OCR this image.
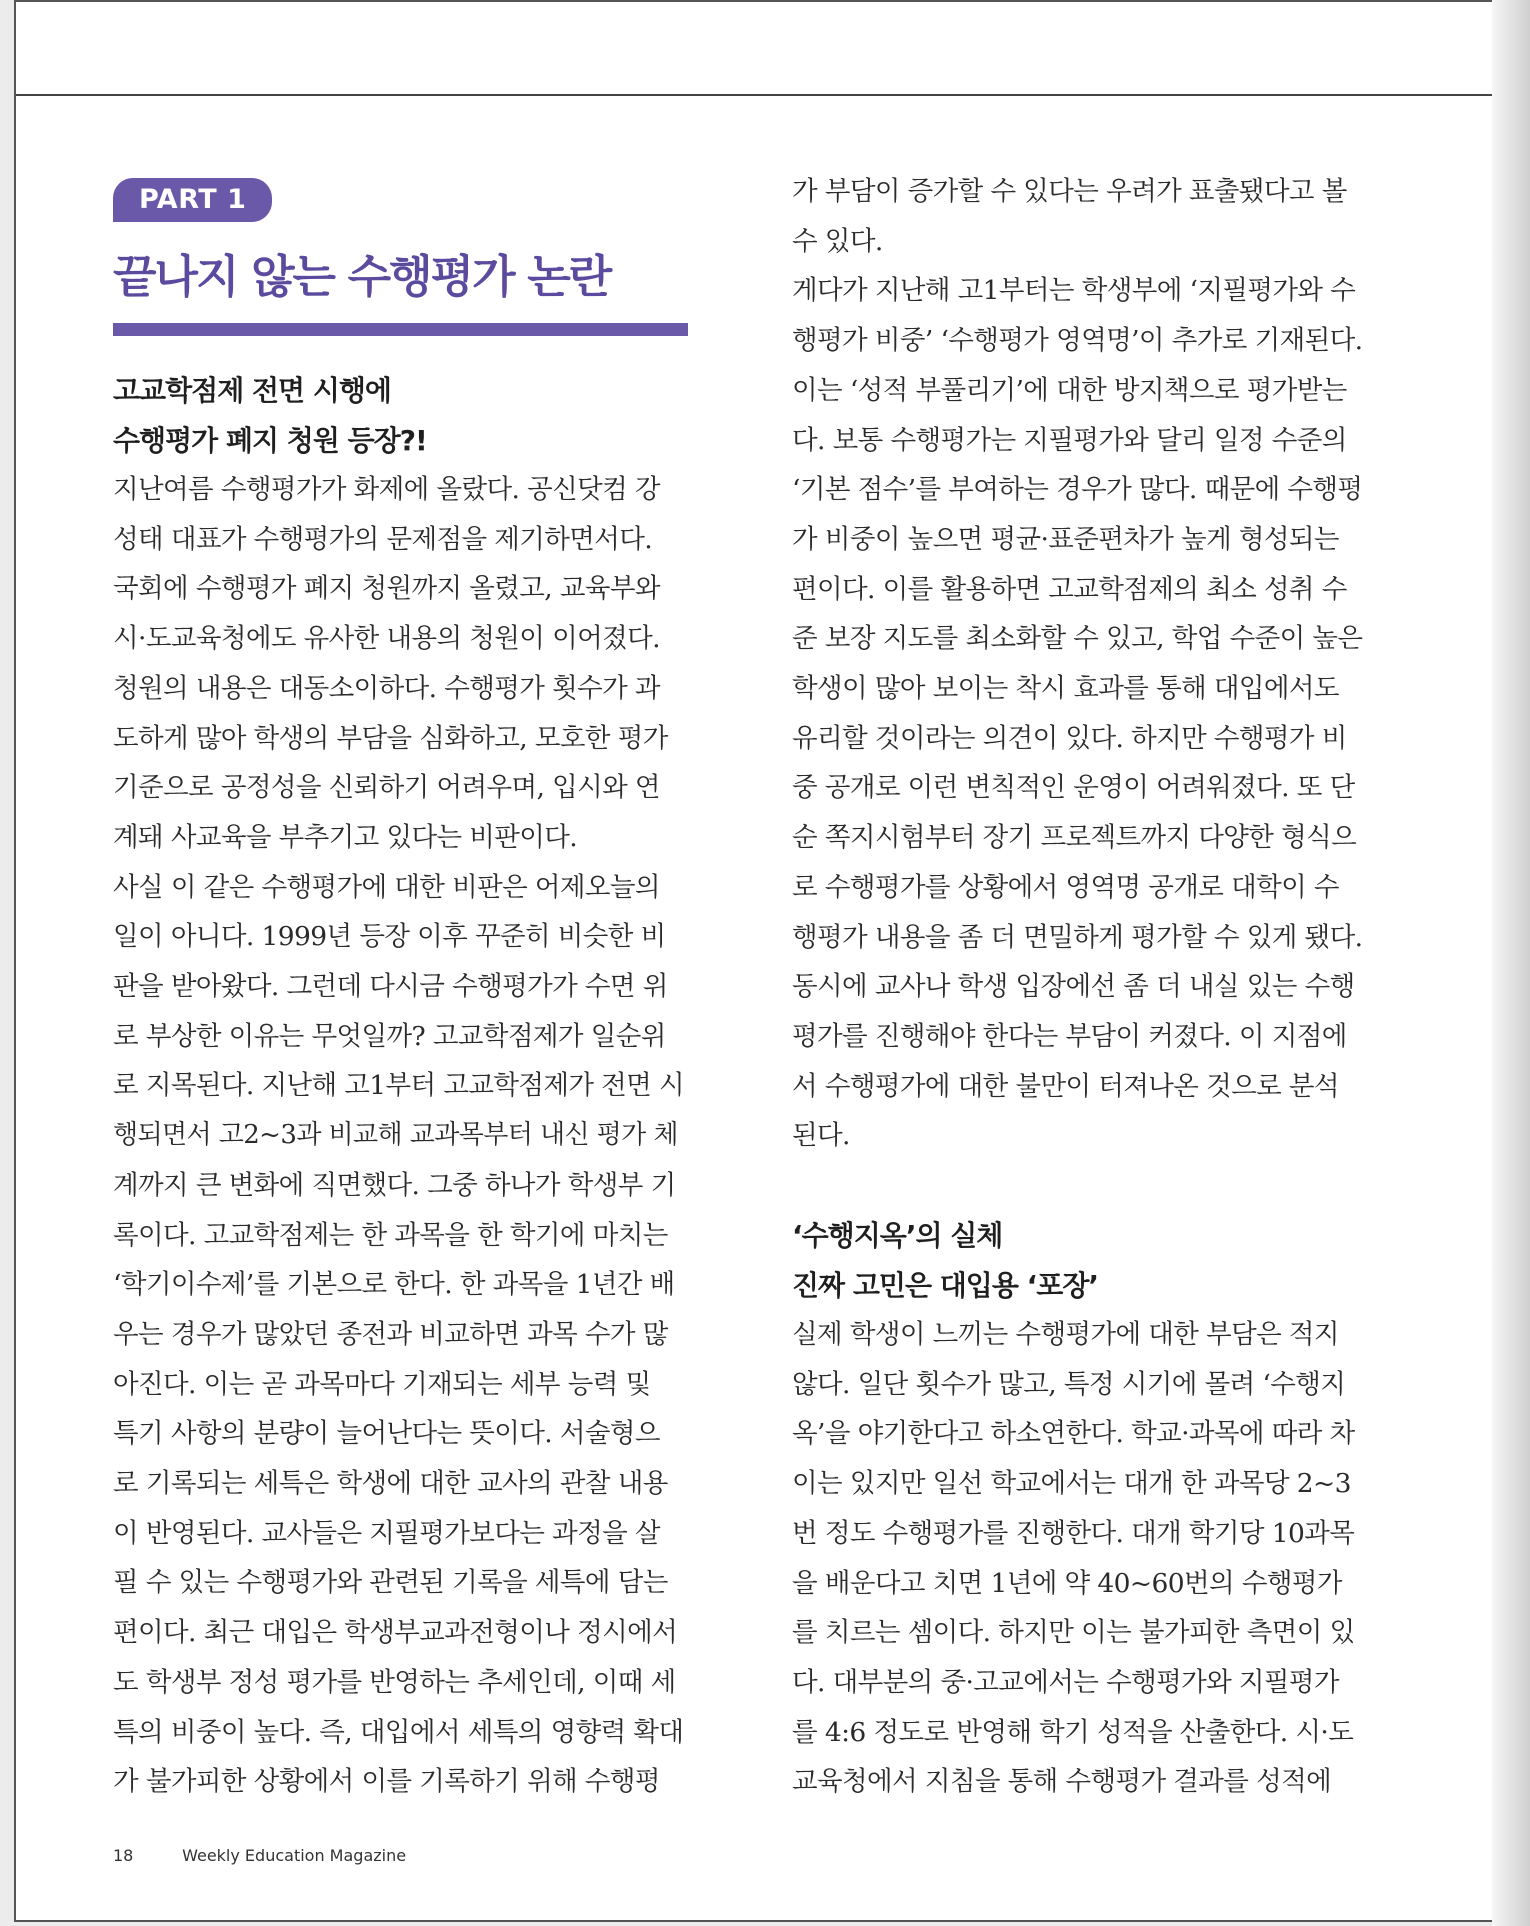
PART 1
끝나지 않는 수행평가 논란

고교학점제 전면 시행에

수행평가 폐지 청원 등장?!

지난여름 수행평가가 화제에 올랐다. 공신닷컴 강

성태 대표가 수행평가의 문제점을 제기하면서다.

국회에 수행평가 폐지 청원까지 올렸고, 교육부와

시·도교육청에도 유사한 내용의 청원이 이어졌다.

청원의 내용은 대동소이하다. 수행평가 횟수가 과

도하게 많아 학생의 부담을 심화하고, 모호한 평가

기준으로 공정성을 신뢰하기 어려우며, 입시와 연

계돼 사교육을 부추기고 있다는 비판이다.

사실 이 같은 수행평가에 대한 비판은 어제오늘의

일이 아니다. 1999년 등장 이후 꾸준히 비슷한 비

판을 받아왔다. 그런데 다시금 수행평가가 수면 위

로 부상한 이유는 무엇일까? 고교학점제가 일순위

로 지목된다. 지난해 고1부터 고교학점제가 전면 시

행되면서 고2~3과 비교해 교과목부터 내신 평가 체

계까지 큰 변화에 직면했다. 그중 하나가 학생부 기

록이다. 고교학점제는 한 과목을 한 학기에 마치는

‘학기이수제’를 기본으로 한다. 한 과목을 1년간 배

우는 경우가 많았던 종전과 비교하면 과목 수가 많

아진다. 이는 곧 과목마다 기재되는 세부 능력 및

특기 사항의 분량이 늘어난다는 뜻이다. 서술형으

로 기록되는 세특은 학생에 대한 교사의 관찰 내용

이 반영된다. 교사들은 지필평가보다는 과정을 살

필 수 있는 수행평가와 관련된 기록을 세특에 담는

편이다. 최근 대입은 학생부교과전형이나 정시에서

도 학생부 정성 평가를 반영하는 추세인데, 이때 세

특의 비중이 높다. 즉, 대입에서 세특의 영향력 확대

가 불가피한 상황에서 이를 기록하기 위해 수행평

가 부담이 증가할 수 있다는 우려가 표출됐다고 볼

수 있다.

게다가 지난해 고1부터는 학생부에 ‘지필평가와 수

행평가 비중’ ‘수행평가 영역명’이 추가로 기재된다.

이는 ‘성적 부풀리기’에 대한 방지책으로 평가받는

다. 보통 수행평가는 지필평가와 달리 일정 수준의

‘기본 점수’를 부여하는 경우가 많다. 때문에 수행평

가 비중이 높으면 평균·표준편차가 높게 형성되는

편이다. 이를 활용하면 고교학점제의 최소 성취 수

준 보장 지도를 최소화할 수 있고, 학업 수준이 높은

학생이 많아 보이는 착시 효과를 통해 대입에서도

유리할 것이라는 의견이 있다. 하지만 수행평가 비

중 공개로 이런 변칙적인 운영이 어려워졌다. 또 단

순 쪽지시험부터 장기 프로젝트까지 다양한 형식으

로 수행평가를 상황에서 영역명 공개로 대학이 수

행평가 내용을 좀 더 면밀하게 평가할 수 있게 됐다.

동시에 교사나 학생 입장에선 좀 더 내실 있는 수행

평가를 진행해야 한다는 부담이 커졌다. 이 지점에

서 수행평가에 대한 불만이 터져나온 것으로 분석

된다.

‘수행지옥’의 실체

진짜 고민은 대입용 ‘포장’

실제 학생이 느끼는 수행평가에 대한 부담은 적지

않다. 일단 횟수가 많고, 특정 시기에 몰려 ‘수행지

옥’을 야기한다고 하소연한다. 학교·과목에 따라 차

이는 있지만 일선 학교에서는 대개 한 과목당 2~3

번 정도 수행평가를 진행한다. 대개 학기당 10과목

을 배운다고 치면 1년에 약 40~60번의 수행평가

를 치르는 셈이다. 하지만 이는 불가피한 측면이 있

다. 대부분의 중·고교에서는 수행평가와 지필평가

를 4:6 정도로 반영해 학기 성적을 산출한다. 시·도

교육청에서 지침을 통해 수행평가 결과를 성적에

18	Weekly Education Magazine
